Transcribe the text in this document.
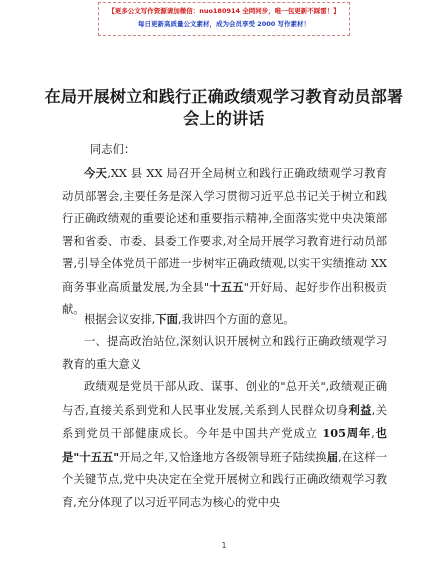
【更多公文写作资源请加微信：nuo180914 全网同步，唯一包更新不踩雷！】
每日更新高质量公文素材，成为会员享受 2000 写作素材！
在局开展树立和践行正确政绩观学习教育动员部署会上的讲话
同志们：
今天,XX 县 XX 局召开全局树立和践行正确政绩观学习教育动员部署会,主要任务是深入学习贯彻习近平总书记关于树立和践行正确政绩观的重要论述和重要指示精神,全面落实党中央决策部署和省委、市委、县委工作要求,对全局开展学习教育进行动员部署,引导全体党员干部进一步树牢正确政绩观,以实干实绩推动 XX 商务事业高质量发展,为全县"十五五"开好局、起好步作出积极贡献。
根据会议安排,下面,我讲四个方面的意见。
一、提高政治站位,深刻认识开展树立和践行正确政绩观学习教育的重大意义
政绩观是党员干部从政、谋事、创业的"总开关",政绩观正确与否,直接关系到党和人民事业发展,关系到人民群众切身利益,关系到党员干部健康成长。今年是中国共产党成立 105周年,也是"十五五"开局之年,又恰逢地方各级领导班子陆续换届,在这样一个关键节点,党中央决定在全党开展树立和践行正确政绩观学习教育,充分体现了以习近平同志为核心的党中央
1
